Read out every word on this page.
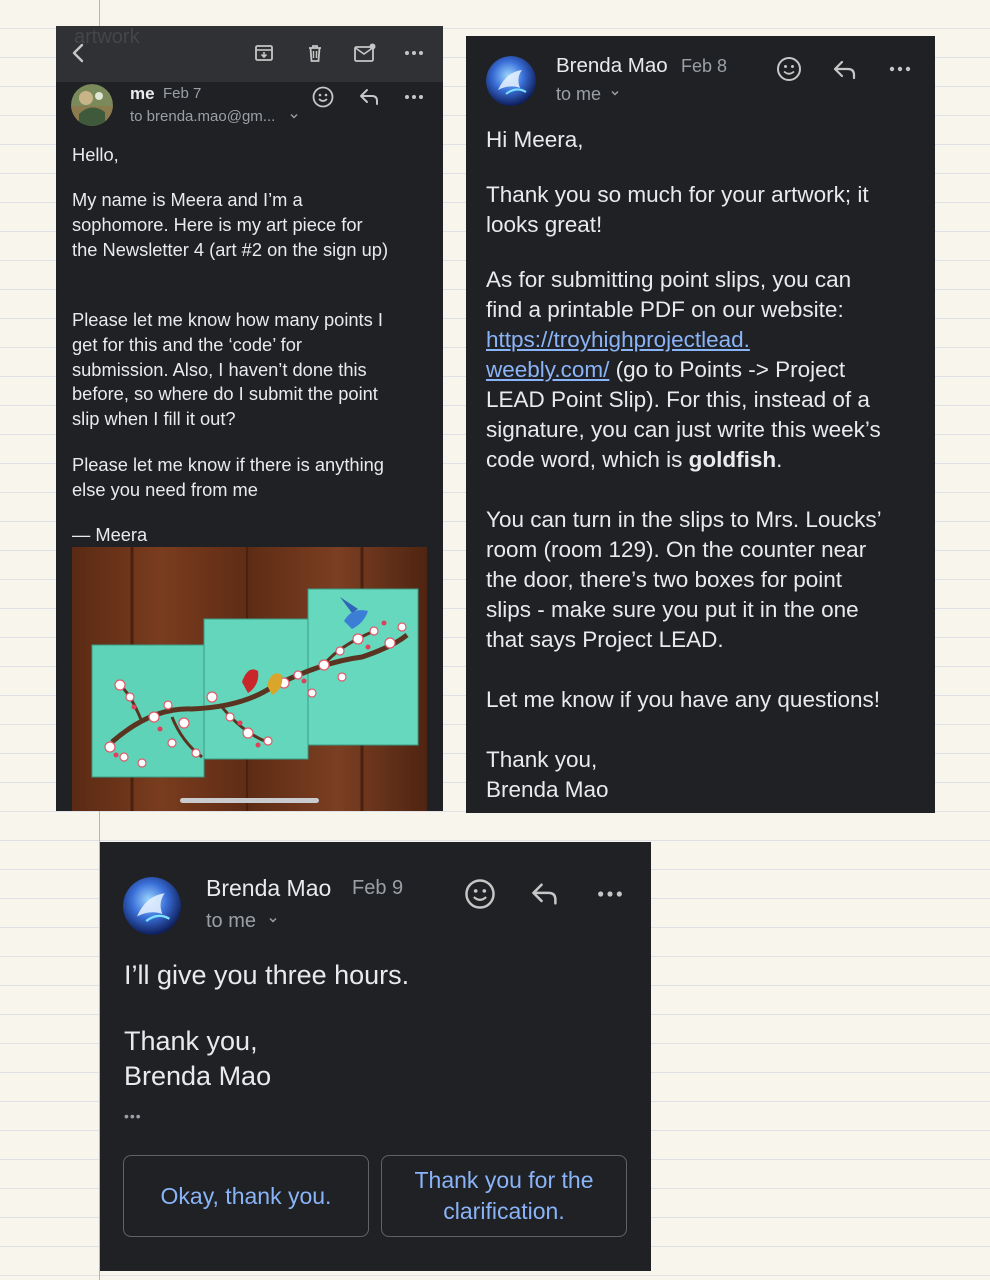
artwork
me Feb 7
to brenda.mao@gm...
Hello,
My name is Meera and I’m a
sophomore. Here is my art piece for
the Newsletter 4 (art #2 on the sign up)
Please let me know how many points I
get for this and the ‘code’ for
submission. Also, I haven’t done this
before, so where do I submit the point
slip when I fill it out?
Please let me know if there is anything
else you need from me
— Meera
Brenda Mao Feb 8
to me
Hi Meera,
Thank you so much for your artwork; it
looks great!
As for submitting point slips, you can
find a printable PDF on our website:
https://troyhighprojectlead.
weebly.com/ (go to Points -> Project
LEAD Point Slip). For this, instead of a
signature, you can just write this week’s
code word, which is goldfish.
You can turn in the slips to Mrs. Loucks’
room (room 129). On the counter near
the door, there’s two boxes for point
slips - make sure you put it in the one
that says Project LEAD.
Let me know if you have any questions!
Thank you,
Brenda Mao
Brenda Mao Feb 9
to me
I’ll give you three hours.
Thank you,
Brenda Mao
•••
Okay, thank you.
Thank you for the clarification.
